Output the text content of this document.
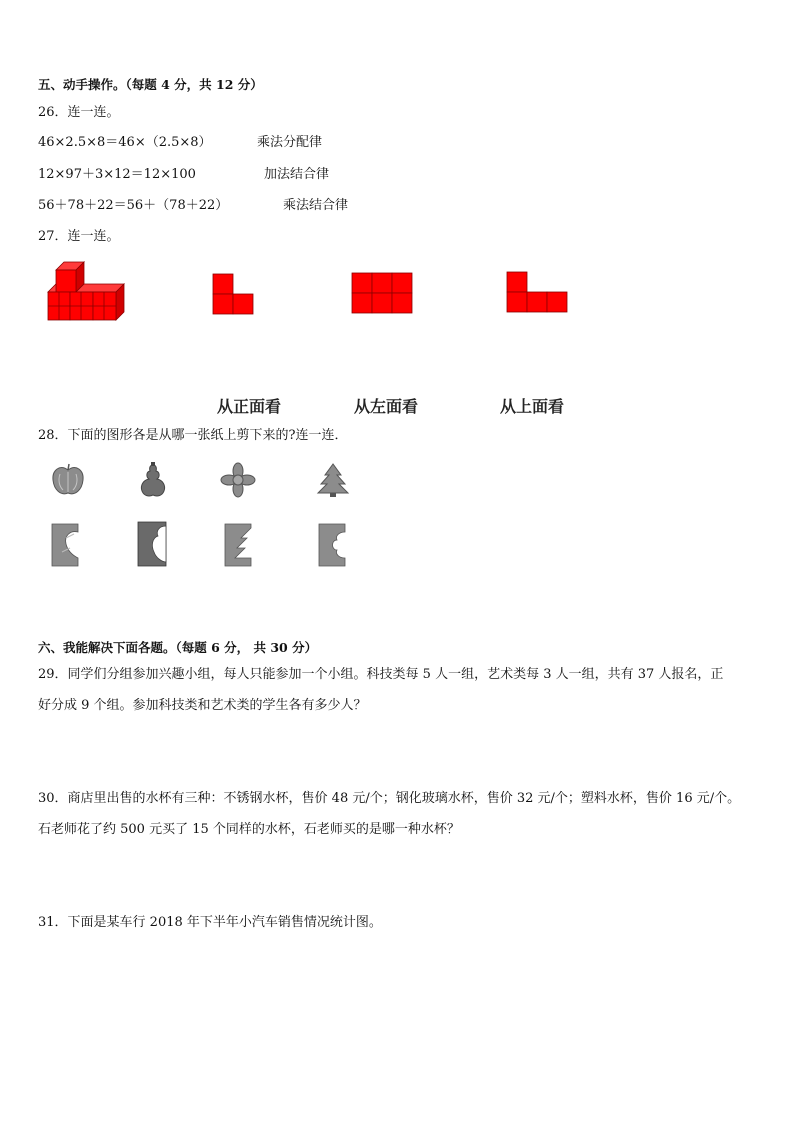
五、动手操作。（每题 4 分，共 12 分）
26．连一连。
46×2.5×8＝46×（2.5×8）
12×97＋3×12＝12×100
56＋78＋22＝56＋（78＋22）
乘法分配律
加法结合律
乘法结合律
27．连一连。
从正面看	从左面看	从上面看
28．下面的图形各是从哪一张纸上剪下来的?连一连．
六、我能解决下面各题。（每题 6 分， 共 30 分）
29．同学们分组参加兴趣小组，每人只能参加一个小组。科技类每 5 人一组，艺术类每 3 人一组，共有 37 人报名，正
好分成 9 个组。参加科技类和艺术类的学生各有多少人？
30．商店里出售的水杯有三种：不锈钢水杯，售价 48 元/个；钢化玻璃水杯，售价 32 元/个；塑料水杯，售价 16 元/个。
石老师花了约 500 元买了 15 个同样的水杯，石老师买的是哪一种水杯？
31．下面是某车行 2018 年下半年小汽车销售情况统计图。
